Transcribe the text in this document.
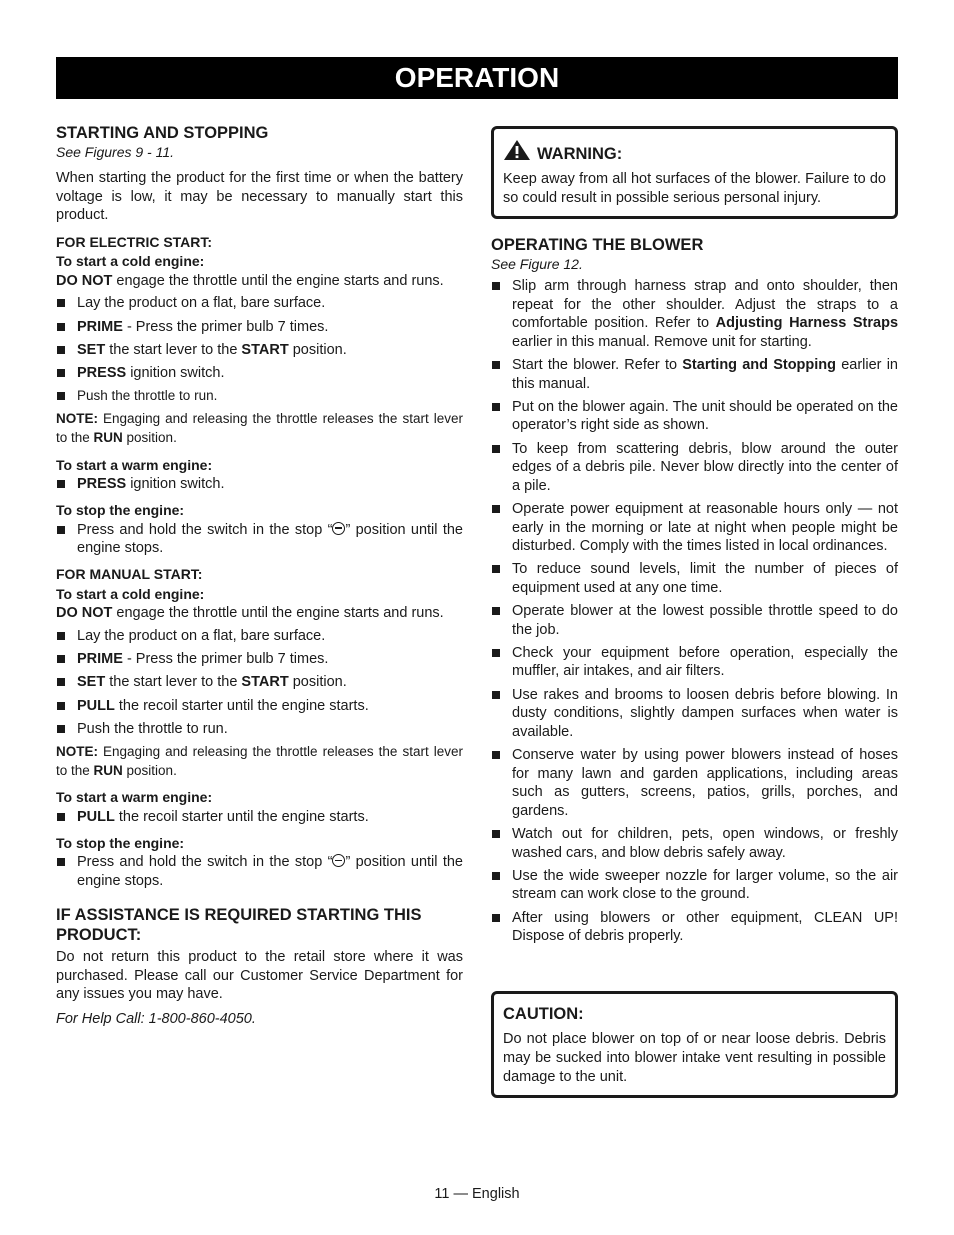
OPERATION
STARTING AND STOPPING
See Figures 9 - 11.

When starting the product for the first time or when the battery voltage is low, it may be necessary to manually start this product.

FOR ELECTRIC START:
To start a cold engine:

DO NOT engage the throttle until the engine starts and runs.

Lay the product on a flat, bare surface.
PRIME - Press the primer bulb 7 times.
SET the start lever to the START position.
PRESS ignition switch.
Push the throttle to run.

NOTE: Engaging and releasing the throttle releases the start lever to the RUN position.

To start a warm engine:
PRESS ignition switch.
To stop the engine:
Press and hold the switch in the stop “ ” position until the engine stops.
FOR MANUAL START:
To start a cold engine:

DO NOT engage the throttle until the engine starts and runs.

Lay the product on a flat, bare surface.
PRIME - Press the primer bulb 7 times.
SET the start lever to the START position.
PULL the recoil starter until the engine starts.
Push the throttle to run.

NOTE: Engaging and releasing the throttle releases the start lever to the RUN position.

To start a warm engine:
PULL the recoil starter until the engine starts.
To stop the engine:
Press and hold the switch in the stop “ ” position until the engine stops.
IF ASSISTANCE IS REQUIRED STARTING THIS PRODUCT:

Do not return this product to the retail store where it was purchased. Please call our Customer Service Department for any issues you may have.

For Help Call: 1-800-860-4050.
WARNING:

Keep away from all hot surfaces of the blower. Failure to do so could result in possible serious personal injury.

OPERATING THE BLOWER
See Figure 12.
Slip arm through harness strap and onto shoulder, then repeat for the other shoulder. Adjust the straps to a comfortable position. Refer to Adjusting Harness Straps earlier in this manual. Remove unit for starting.
Start the blower. Refer to Starting and Stopping earlier in this manual.
Put on the blower again. The unit should be operated on the operator’s right side as shown.
To keep from scattering debris, blow around the outer edges of a debris pile. Never blow directly into the center of a pile.
Operate power equipment at reasonable hours only — not early in the morning or late at night when people might be disturbed. Comply with the times listed in local ordinances.
To reduce sound levels, limit the number of pieces of equipment used at any one time.
Operate blower at the lowest possible throttle speed to do the job.
Check your equipment before operation, especially the muffler, air intakes, and air filters.
Use rakes and brooms to loosen debris before blowing. In dusty conditions, slightly dampen surfaces when water is available.
Conserve water by using power blowers instead of hoses for many lawn and garden applications, including areas such as gutters, screens, patios, grills, porches, and gardens.
Watch out for children, pets, open windows, or freshly washed cars, and blow debris safely away.
Use the wide sweeper nozzle for larger volume, so the air stream can work close to the ground.
After using blowers or other equipment, CLEAN UP! Dispose of debris properly.
CAUTION:

Do not place blower on top of or near loose debris. Debris may be sucked into blower intake vent resulting in possible damage to the unit.

11 — English
